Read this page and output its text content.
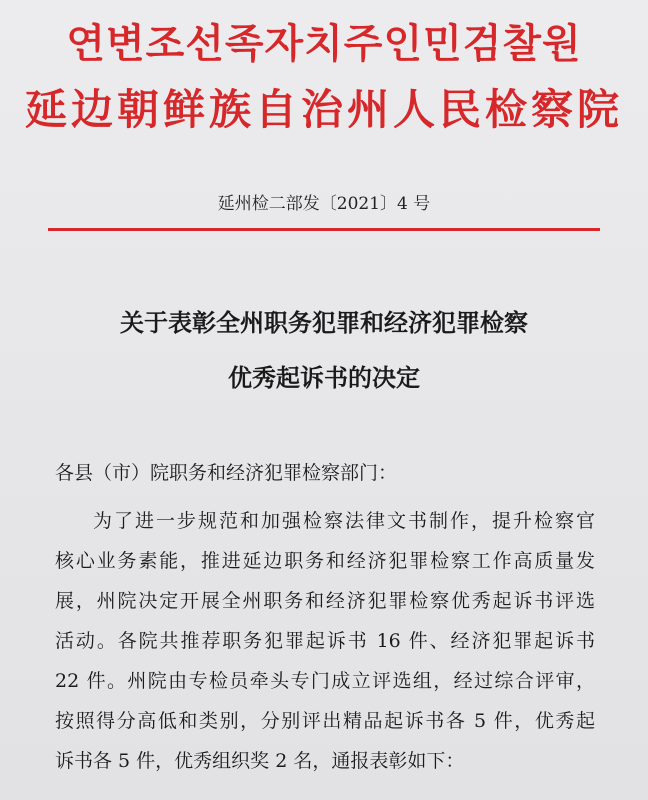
연변조선족자치주인민검찰원
延边朝鲜族自治州人民检察院
延州检二部发〔2021〕4 号
关于表彰全州职务犯罪和经济犯罪检察
优秀起诉书的决定
各县（市）院职务和经济犯罪检察部门：
为了进一步规范和加强检察法律文书制作，提升检察官
核心业务素能，推进延边职务和经济犯罪检察工作高质量发
展，州院决定开展全州职务和经济犯罪检察优秀起诉书评选
活动。各院共推荐职务犯罪起诉书 16 件、经济犯罪起诉书
22 件。州院由专检员牵头专门成立评选组，经过综合评审，
按照得分高低和类别，分别评出精品起诉书各 5 件，优秀起
诉书各 5 件，优秀组织奖 2 名，通报表彰如下：
